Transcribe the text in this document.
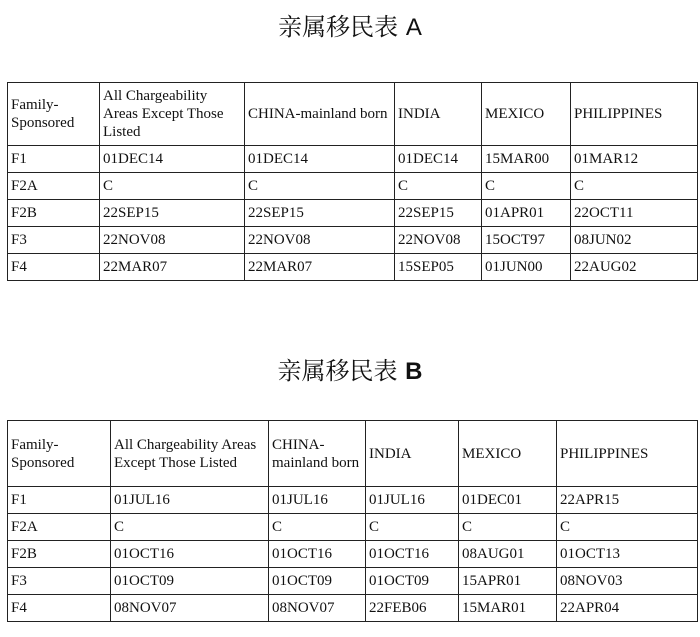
亲属移民表 A
Family-Sponsored	All Chargeability Areas Except Those Listed	CHINA-mainland born	INDIA	MEXICO	PHILIPPINES
F1	01DEC14	01DEC14	01DEC14	15MAR00	01MAR12
F2A	C	C	C	C	C
F2B	22SEP15	22SEP15	22SEP15	01APR01	22OCT11
F3	22NOV08	22NOV08	22NOV08	15OCT97	08JUN02
F4	22MAR07	22MAR07	15SEP05	01JUN00	22AUG02
亲属移民表 B
Family-Sponsored	All Chargeability Areas Except Those Listed	CHINA-mainland born	INDIA	MEXICO	PHILIPPINES
F1	01JUL16	01JUL16	01JUL16	01DEC01	22APR15
F2A	C	C	C	C	C
F2B	01OCT16	01OCT16	01OCT16	08AUG01	01OCT13
F3	01OCT09	01OCT09	01OCT09	15APR01	08NOV03
F4	08NOV07	08NOV07	22FEB06	15MAR01	22APR04
